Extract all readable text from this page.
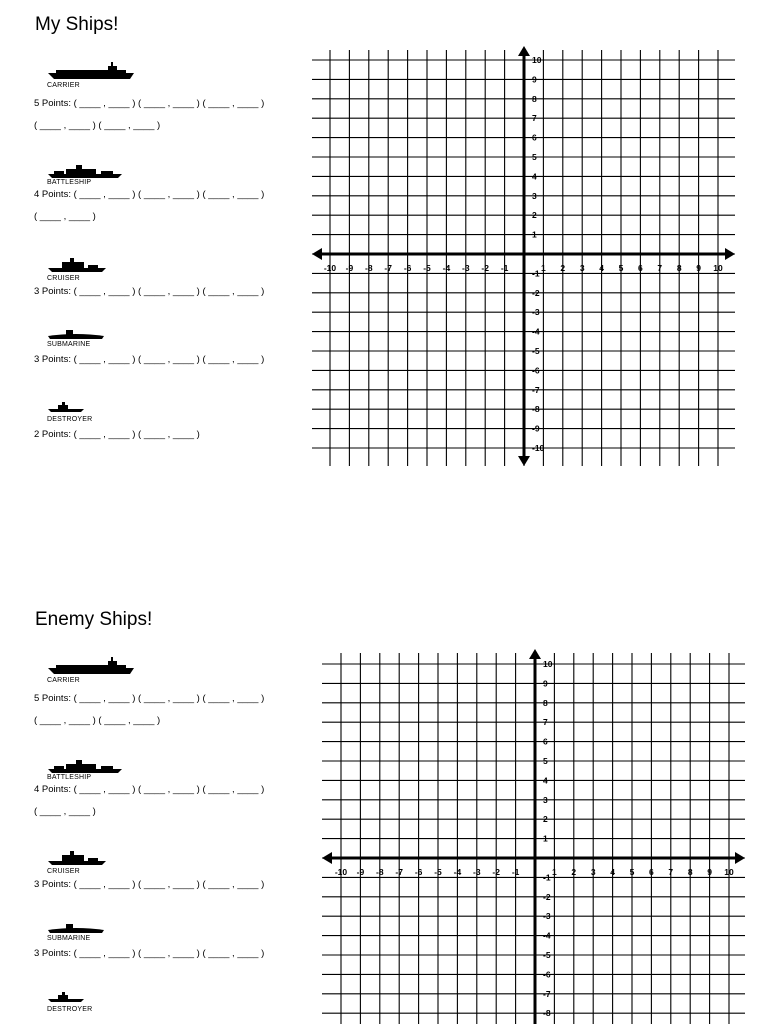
My Ships!
CARRIER
5 Points: ( ____ , ____ ) ( ____ , ____ ) ( ____ , ____ )
( ____ , ____ ) ( ____ , ____ )
BATTLESHIP
4 Points: ( ____ , ____ ) ( ____ , ____ ) ( ____ , ____ )
( ____ , ____ )
CRUISER
3 Points: ( ____ , ____ ) ( ____ , ____ ) ( ____ , ____ )
SUBMARINE
3 Points: ( ____ , ____ ) ( ____ , ____ ) ( ____ , ____ )
DESTROYER
2 Points: ( ____ , ____ ) ( ____ , ____ )
-10
-10
-9
-9
-8
-8
-7
-7
-6
-6
-5
-5
-4
-4
-3
-3
-2
-2
-1
-1
1
1
2
2
3
3
4
4
5
5
6
6
7
7
8
8
9
9
10
10
Enemy Ships!
CARRIER
5 Points: ( ____ , ____ ) ( ____ , ____ ) ( ____ , ____ )
( ____ , ____ ) ( ____ , ____ )
BATTLESHIP
4 Points: ( ____ , ____ ) ( ____ , ____ ) ( ____ , ____ )
( ____ , ____ )
CRUISER
3 Points: ( ____ , ____ ) ( ____ , ____ ) ( ____ , ____ )
SUBMARINE
3 Points: ( ____ , ____ ) ( ____ , ____ ) ( ____ , ____ )
DESTROYER
-10 -9 -8
-8
-7
-7
-6
-6
-5
-5
-4
-4
-3
-3
-2
-2
-1
-1
1
1
2
2
3
3
4
4
5
5
6
6
7
7
8
8
9
9
10
10
